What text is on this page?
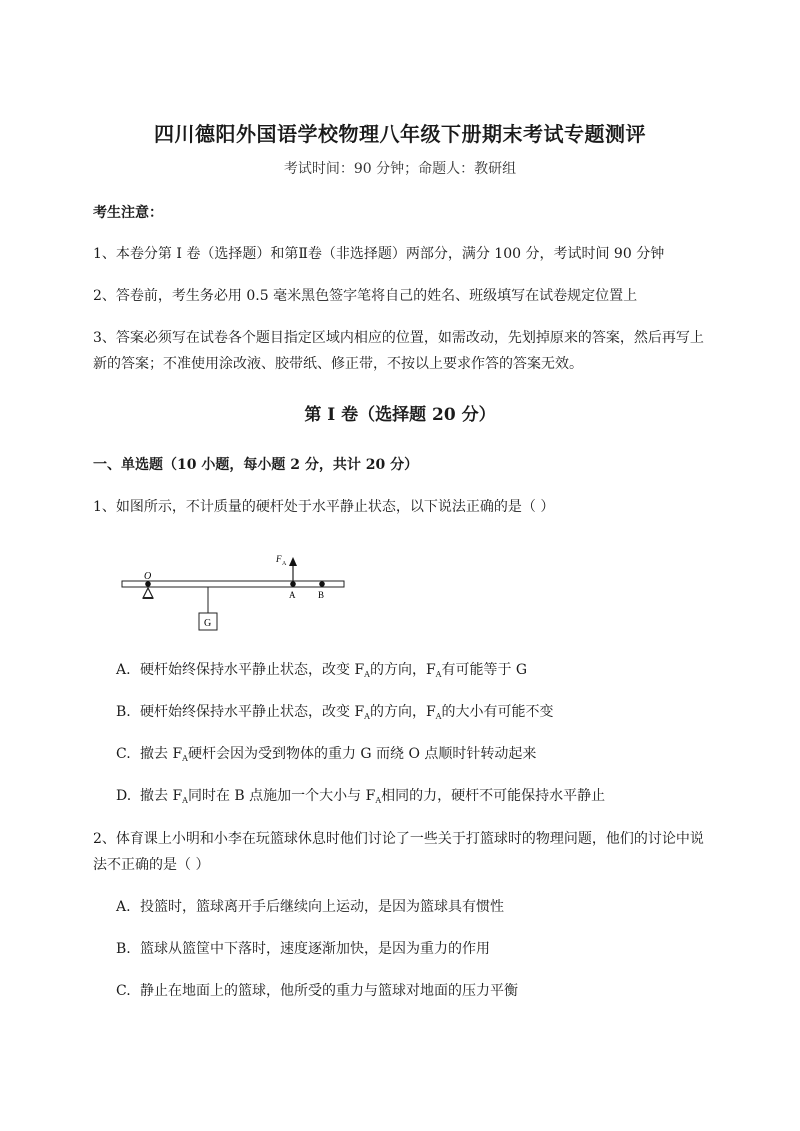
四川德阳外国语学校物理八年级下册期末考试专题测评
考试时间：90 分钟；命题人：教研组
考生注意：
1、本卷分第 I 卷（选择题）和第Ⅱ卷（非选择题）两部分，满分 100 分，考试时间 90 分钟
2、答卷前，考生务必用 0.5 毫米黑色签字笔将自己的姓名、班级填写在试卷规定位置上
3、答案必须写在试卷各个题目指定区域内相应的位置，如需改动，先划掉原来的答案，然后再写上新的答案；不准使用涂改液、胶带纸、修正带，不按以上要求作答的答案无效。
第 I 卷（选择题 20 分）
一、单选题（10 小题，每小题 2 分，共计 20 分）
1、如图所示，不计质量的硬杆处于水平静止状态，以下说法正确的是（ ）
O
G
F A
A	B
A. 硬杆始终保持水平静止状态，改变 $F_A$的方向，$F_A$有可能等于 G
B. 硬杆始终保持水平静止状态，改变 $F_A$的方向，$F_A$的大小有可能不变
C. 撤去 $F_A$硬杆会因为受到物体的重力 G 而绕 O 点顺时针转动起来
D. 撤去 $F_A$同时在 B 点施加一个大小与 $F_A$相同的力，硬杆不可能保持水平静止
2、体育课上小明和小李在玩篮球休息时他们讨论了一些关于打篮球时的物理问题，他们的讨论中说法不正确的是（ ）
A. 投篮时，篮球离开手后继续向上运动，是因为篮球具有惯性
B. 篮球从篮筐中下落时，速度逐渐加快，是因为重力的作用
C. 静止在地面上的篮球，他所受的重力与篮球对地面的压力平衡
